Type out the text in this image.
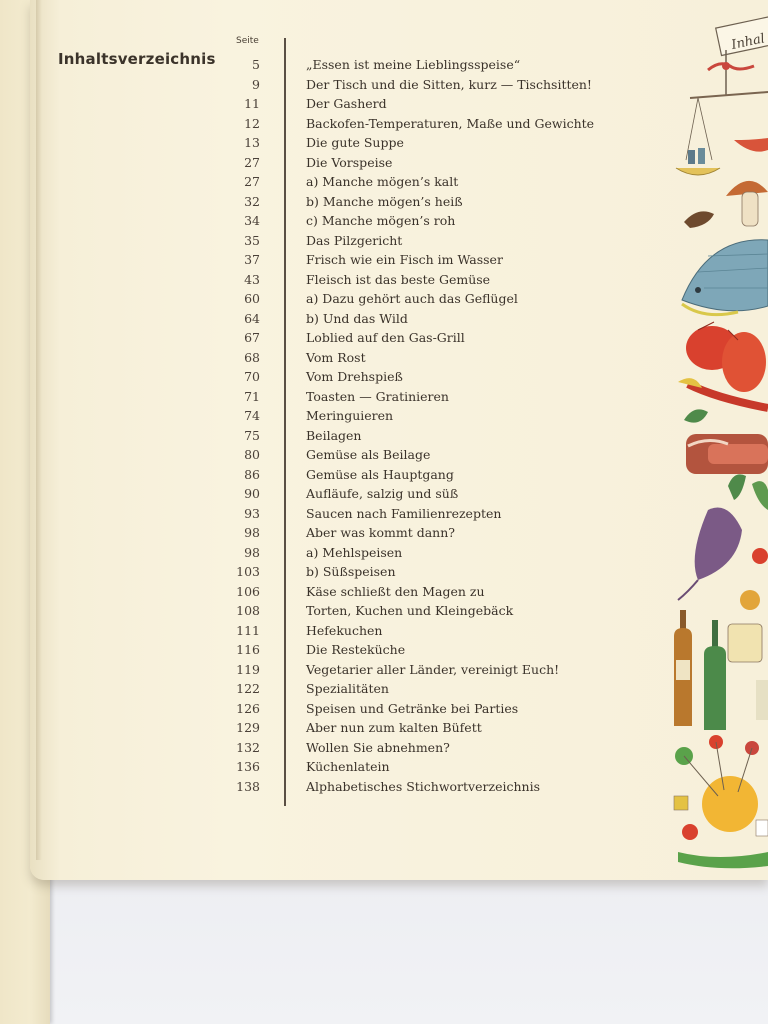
Inhaltsverzeichnis
Seite
5	„Essen ist meine Lieblingsspeise“
9	Der Tisch und die Sitten, kurz — Tischsitten!
11	Der Gasherd
12	Backofen-Temperaturen, Maße und Gewichte
13	Die gute Suppe
27	Die Vorspeise
27	a) Manche mögen’s kalt
32	b) Manche mögen’s heiß
34	c) Manche mögen’s roh
35	Das Pilzgericht
37	Frisch wie ein Fisch im Wasser
43	Fleisch ist das beste Gemüse
60	a) Dazu gehört auch das Geflügel
64	b) Und das Wild
67	Loblied auf den Gas-Grill
68	Vom Rost
70	Vom Drehspieß
71	Toasten — Gratinieren
74	Meringuieren
75	Beilagen
80	Gemüse als Beilage
86	Gemüse als Hauptgang
90	Aufläufe, salzig und süß
93	Saucen nach Familienrezepten
98	Aber was kommt dann?
98	a) Mehlspeisen
103	b) Süßspeisen
106	Käse schließt den Magen zu
108	Torten, Kuchen und Kleingebäck
111	Hefekuchen
116	Die Resteküche
119	Vegetarier aller Länder, vereinigt Euch!
122	Spezialitäten
126	Speisen und Getränke bei Parties
129	Aber nun zum kalten Büfett
132	Wollen Sie abnehmen?
136	Küchenlatein
138	Alphabetisches Stichwortverzeichnis
Inhal
